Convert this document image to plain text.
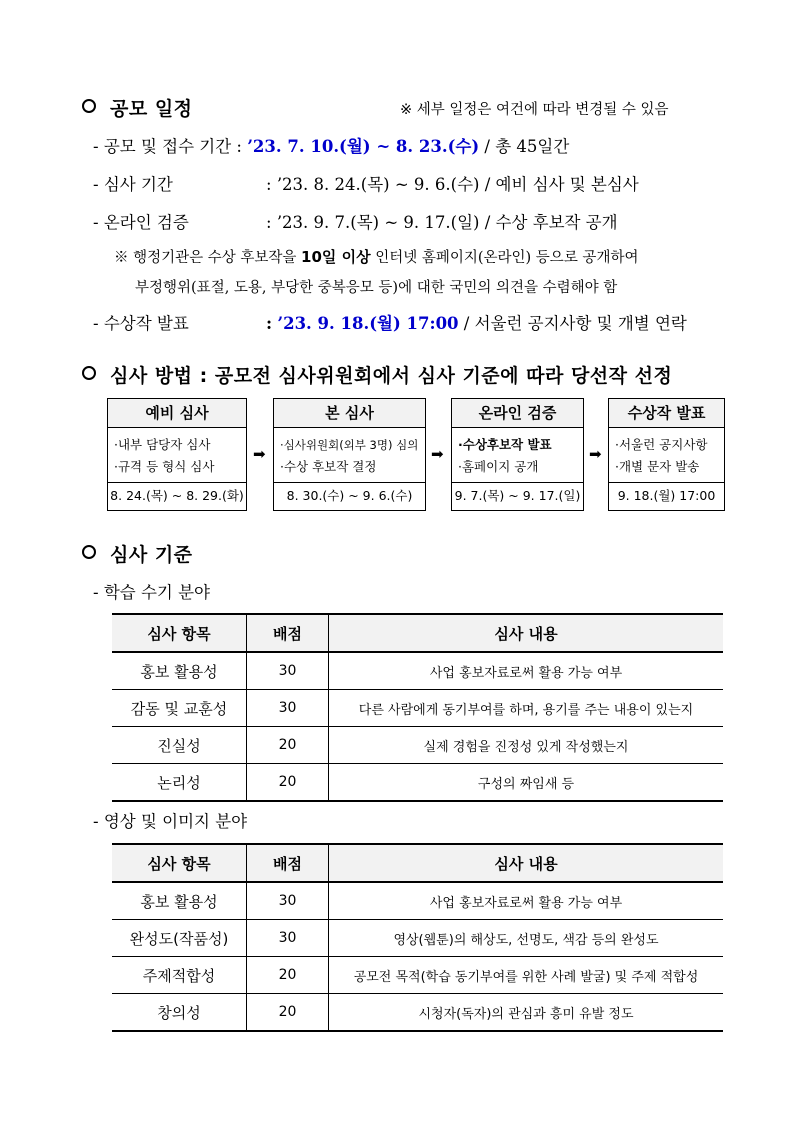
공모 일정	※ 세부 일정은 여건에 따라 변경될 수 있음
- 공모 및 접수 기간 : ’23. 7. 10.(월) ~ 8. 23.(수) / 총 45일간
- 심사 기간	: ’23. 8. 24.(목) ~ 9. 6.(수) / 예비 심사 및 본심사
- 온라인 검증	: ’23. 9. 7.(목) ~ 9. 17.(일) / 수상 후보작 공개
※ 행정기관은 수상 후보작을 10일 이상 인터넷 홈페이지(온라인) 등으로 공개하여
부정행위(표절, 도용, 부당한 중복응모 등)에 대한 국민의 의견을 수렴해야 함
- 수상작 발표	: ’23. 9. 18.(월) 17:00 / 서울런 공지사항 및 개별 연락
심사 방법 : 공모전 심사위원회에서 심사 기준에 따라 당선작 선정
예비 심사
·내부 담당자 심사
·규격 등 형식 심사
8. 24.(목) ~ 8. 29.(화)
➡
본 심사
·심사위원회(외부 3명) 심의
·수상 후보작 결정
8. 30.(수) ~ 9. 6.(수)
➡
온라인 검증
·수상후보작 발표
·홈페이지 공개
9. 7.(목) ~ 9. 17.(일)
➡
수상작 발표
·서울런 공지사항
·개별 문자 발송
9. 18.(월) 17:00
심사 기준
- 학습 수기 분야
심사 항목	배점	심사 내용
홍보 활용성	30	사업 홍보자료로써 활용 가능 여부
감동 및 교훈성	30	다른 사람에게 동기부여를 하며, 용기를 주는 내용이 있는지
진실성	20	실제 경험을 진정성 있게 작성했는지
논리성	20	구성의 짜임새 등
- 영상 및 이미지 분야
심사 항목	배점	심사 내용
홍보 활용성	30	사업 홍보자료로써 활용 가능 여부
완성도(작품성)	30	영상(웹툰)의 해상도, 선명도, 색감 등의 완성도
주제적합성	20	공모전 목적(학습 동기부여를 위한 사례 발굴) 및 주제 적합성
창의성	20	시청자(독자)의 관심과 흥미 유발 정도
